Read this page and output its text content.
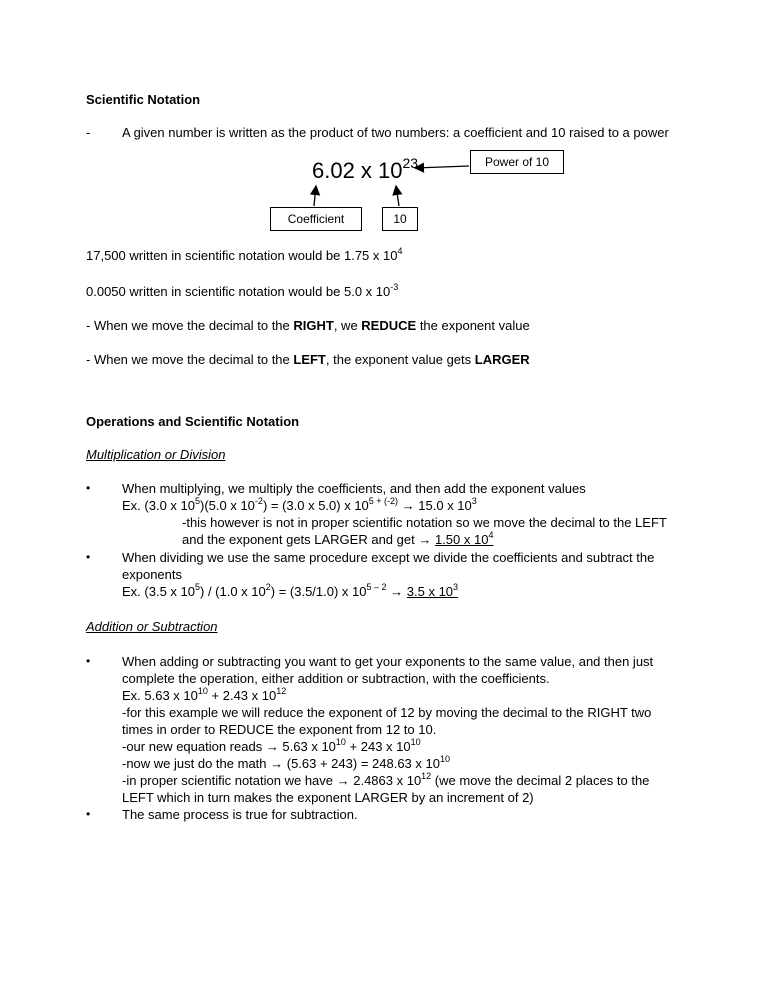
Scientific Notation
- A given number is written as the product of two numbers: a coefficient and 10 raised to a power
6.02 x $10^{23}$	Power of 10
Coefficient	10
17,500 written in scientific notation would be 1.75 x $10^4$
0.0050 written in scientific notation would be 5.0 x $10^{-3}$
- When we move the decimal to the RIGHT, we REDUCE the exponent value
- When we move the decimal to the LEFT, the exponent value gets LARGER
Operations and Scientific Notation
Multiplication or Division
• When multiplying, we multiply the coefficients, and then add the exponent values
Ex. (3.0 x $10^5)(5.0$ x $10^{-2}) = (3.0$ x 5.0) x $10^{5 + (-2)} \to 15.0$ x $10^3$
-this however is not in proper scientific notation so we move the decimal to the LEFT
and the exponent gets LARGER and get → 1.50 x $10^4$
• When dividing we use the same procedure except we divide the coefficients and subtract the
exponents
Ex. (3.5 x $10^5) / (1.0$ x $10^2) = (3.5/1.0)$ x $10^{5 - 2} \to 3.5$ x $10^3$
Addition or Subtraction
• When adding or subtracting you want to get your exponents to the same value, and then just
complete the operation, either addition or subtraction, with the coefficients.
Ex. 5.63 x $10^{10} + 2.43$ x $10^{12}$
-for this example we will reduce the exponent of 12 by moving the decimal to the RIGHT two
times in order to REDUCE the exponent from 12 to 10.
-our new equation reads → 5.63 x $10^{10} + 243$ x $10^{10}$
-now we just do the math → (5.63 + 243) = 248.63 x $10^{10}$
-in proper scientific notation we have → 2.4863 x $10^{12}$ (we move the decimal 2 places to the
LEFT which in turn makes the exponent LARGER by an increment of 2)
• The same process is true for subtraction.
